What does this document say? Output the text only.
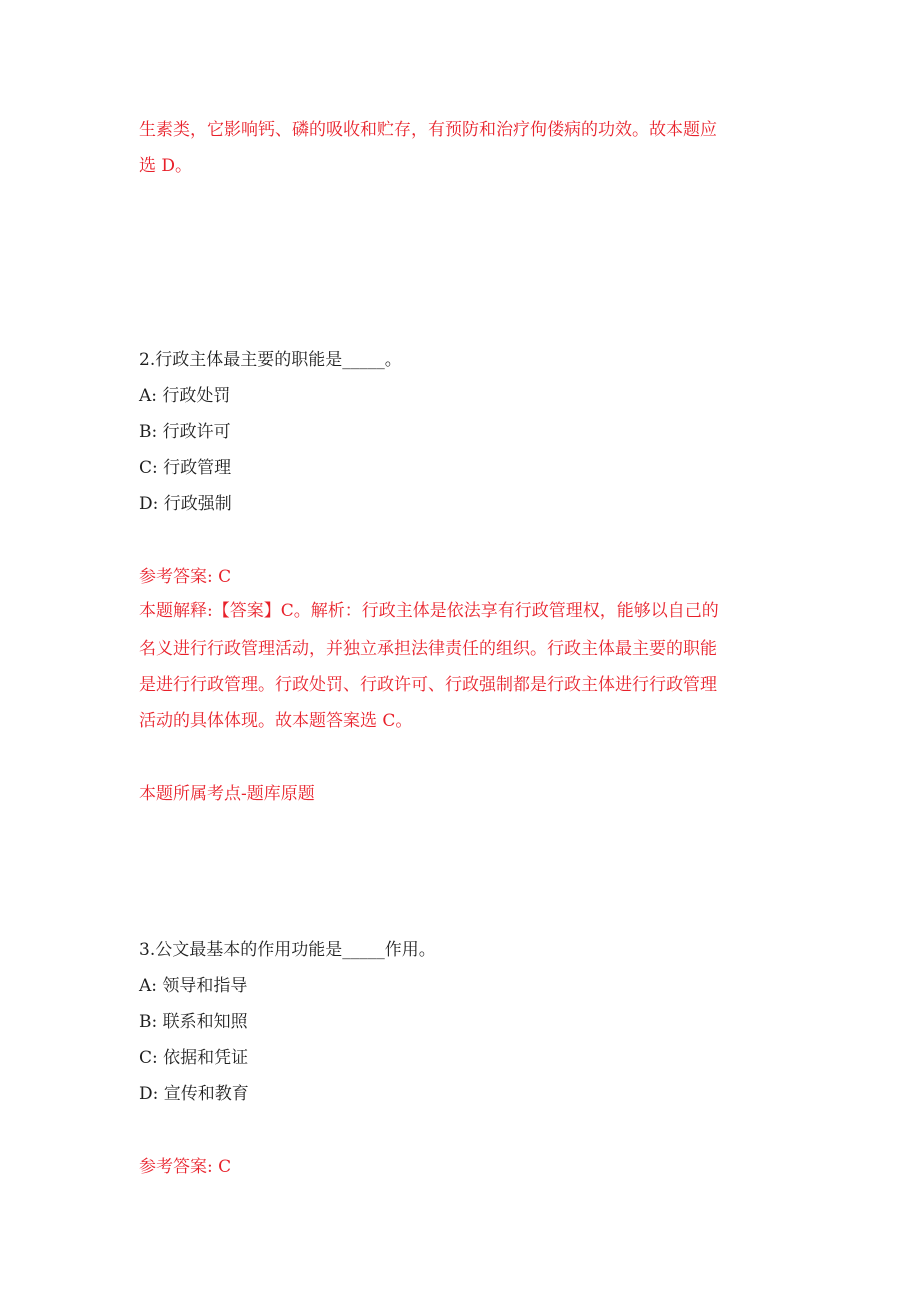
生素类，它影响钙、磷的吸收和贮存，有预防和治疗佝偻病的功效。故本题应

选 D。

2.行政主体最主要的职能是_____。

A: 行政处罚

B: 行政许可

C: 行政管理

D: 行政强制

参考答案: C

本题解释:【答案】C。解析：行政主体是依法享有行政管理权，能够以自己的

名义进行行政管理活动，并独立承担法律责任的组织。行政主体最主要的职能

是进行行政管理。行政处罚、行政许可、行政强制都是行政主体进行行政管理

活动的具体体现。故本题答案选 C。

本题所属考点-题库原题

3.公文最基本的作用功能是_____作用。

A: 领导和指导

B: 联系和知照

C: 依据和凭证

D: 宣传和教育

参考答案: C
